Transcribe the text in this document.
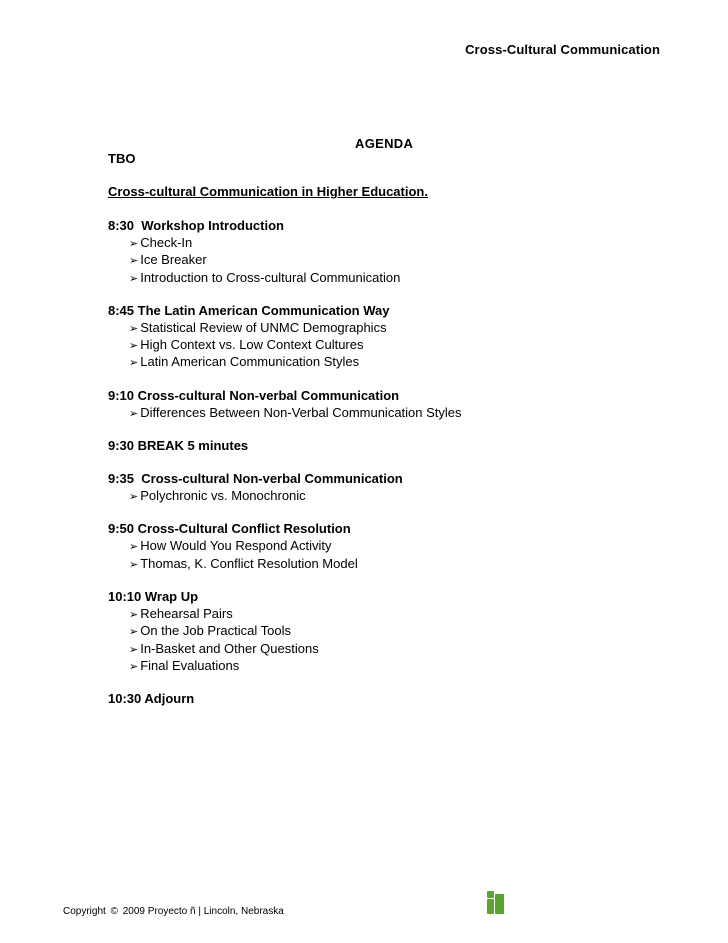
Cross-Cultural Communication
AGENDA
TBO
Cross-cultural Communication in Higher Education.
8:30  Workshop Introduction
➢ Check-In
➢ Ice Breaker
➢ Introduction to Cross-cultural Communication
8:45 The Latin American Communication Way
➢ Statistical Review of UNMC Demographics
➢ High Context vs. Low Context Cultures
➢ Latin American Communication Styles
9:10 Cross-cultural Non-verbal Communication
➢ Differences Between Non-Verbal Communication Styles
9:30 BREAK 5 minutes
9:35  Cross-cultural Non-verbal Communication
➢ Polychronic vs. Monochronic
9:50 Cross-Cultural Conflict Resolution
➢ How Would You Respond Activity
➢ Thomas, K. Conflict Resolution Model
10:10 Wrap Up
➢ Rehearsal Pairs
➢ On the Job Practical Tools
➢ In-Basket and Other Questions
➢ Final Evaluations
10:30 Adjourn
Copyright © 2009 Proyecto ñ | Lincoln, Nebraska
